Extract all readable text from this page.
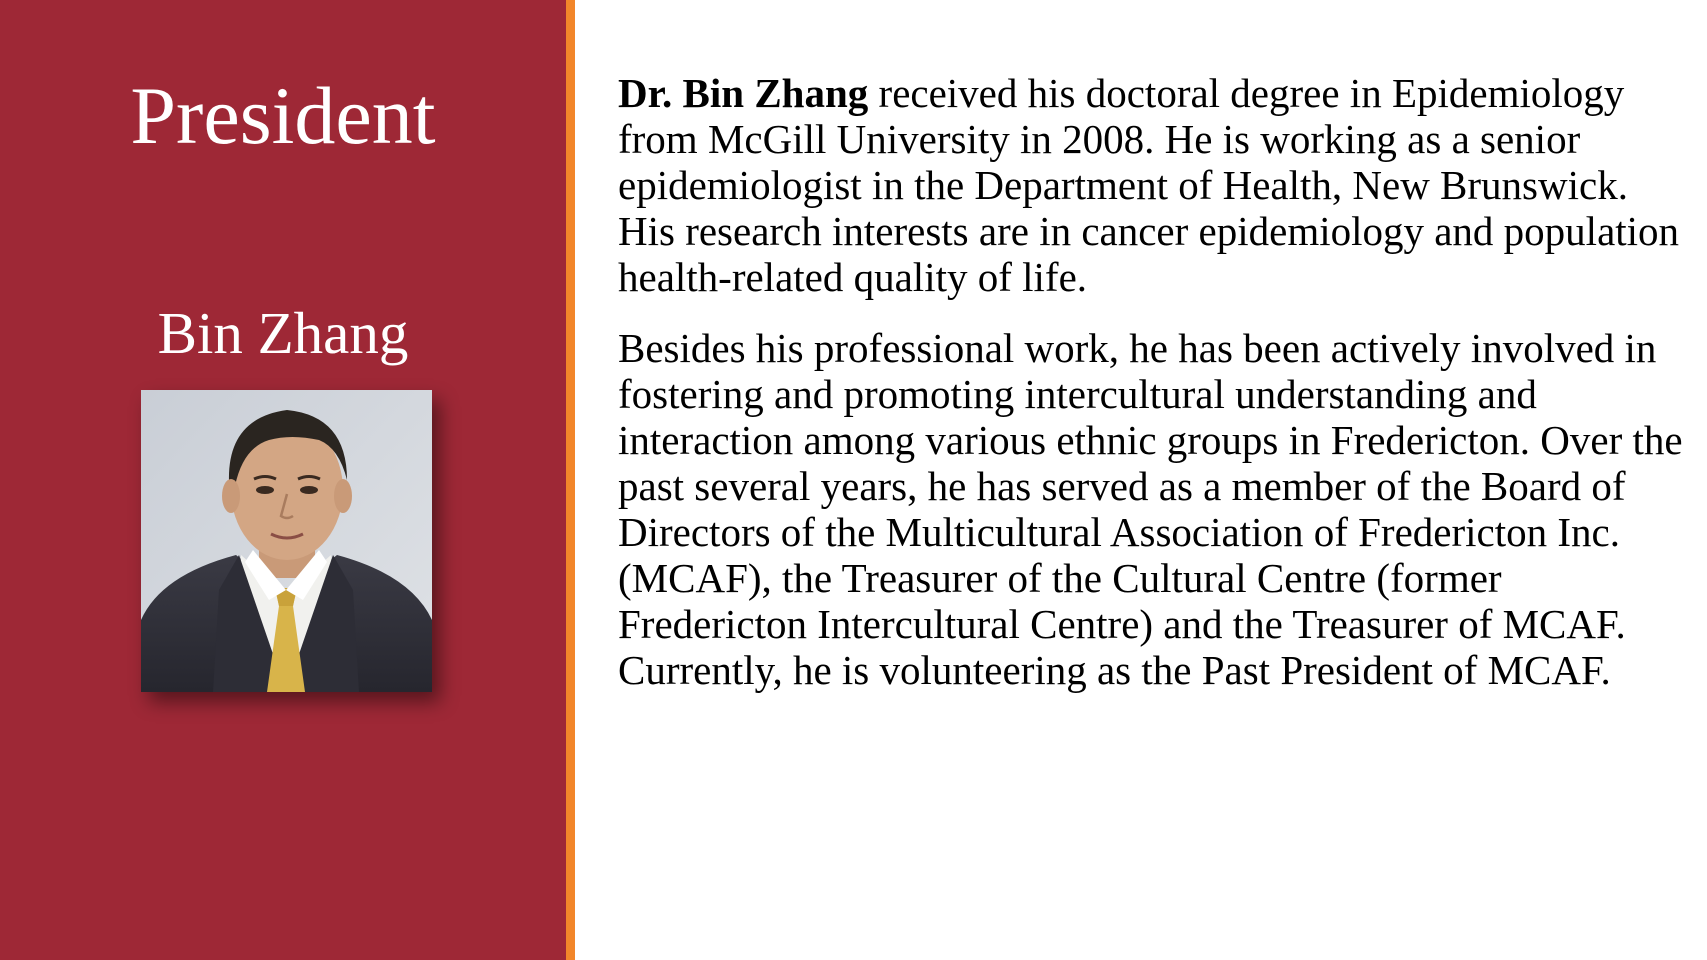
President
Bin Zhang

Dr. Bin Zhang received his doctoral degree in Epidemiology from McGill University in 2008. He is working as a senior epidemiologist in the Department of Health, New Brunswick. His research interests are in cancer epidemiology and population health-related quality of life.

Besides his professional work, he has been actively involved in fostering and promoting intercultural understanding and interaction among various ethnic groups in Fredericton. Over the past several years, he has served as a member of the Board of Directors of the Multicultural Association of Fredericton Inc. (MCAF), the Treasurer of the Cultural Centre (former Fredericton Intercultural Centre) and the Treasurer of MCAF. Currently, he is volunteering as the Past President of MCAF.
